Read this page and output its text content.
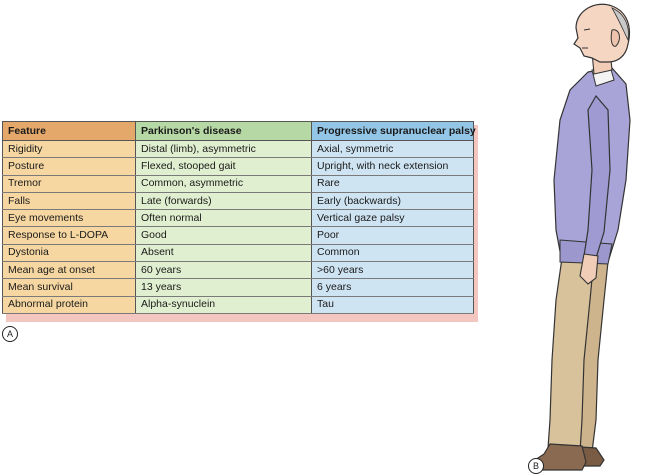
Feature	Parkinson's disease	Progressive supranuclear palsy
Rigidity	Distal (limb), asymmetric	Axial, symmetric
Posture	Flexed, stooped gait	Upright, with neck extension
Tremor	Common, asymmetric	Rare
Falls	Late (forwards)	Early (backwards)
Eye movements	Often normal	Vertical gaze palsy
Response to L-DOPA	Good	Poor
Dystonia	Absent	Common
Mean age at onset	60 years	>60 years
Mean survival	13 years	6 years
Abnormal protein	Alpha-synuclein	Tau
A
B
